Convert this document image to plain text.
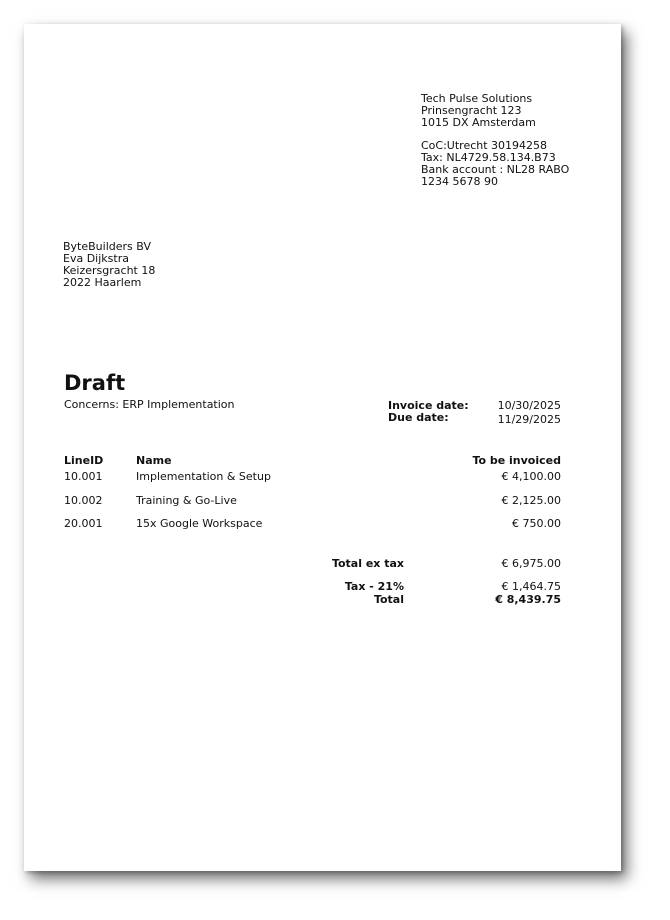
Tech Pulse Solutions
Prinsengracht 123
1015 DX Amsterdam
CoC:Utrecht 30194258
Tax: NL4729.58.134.B73
Bank account : NL28 RABO
1234 5678 90
ByteBuilders BV
Eva Dijkstra
Keizersgracht 18
2022 Haarlem
Draft
Concerns: ERP Implementation	Invoice date:	10/30/2025
Due date:	11/29/2025
LineID	Name	To be invoiced
10.001	Implementation & Setup	€ 4,100.00
10.002	Training & Go-Live	€ 2,125.00
20.001	15x Google Workspace	€ 750.00
Total ex tax	€ 6,975.00
Tax - 21%	€ 1,464.75
Total	€ 8,439.75
